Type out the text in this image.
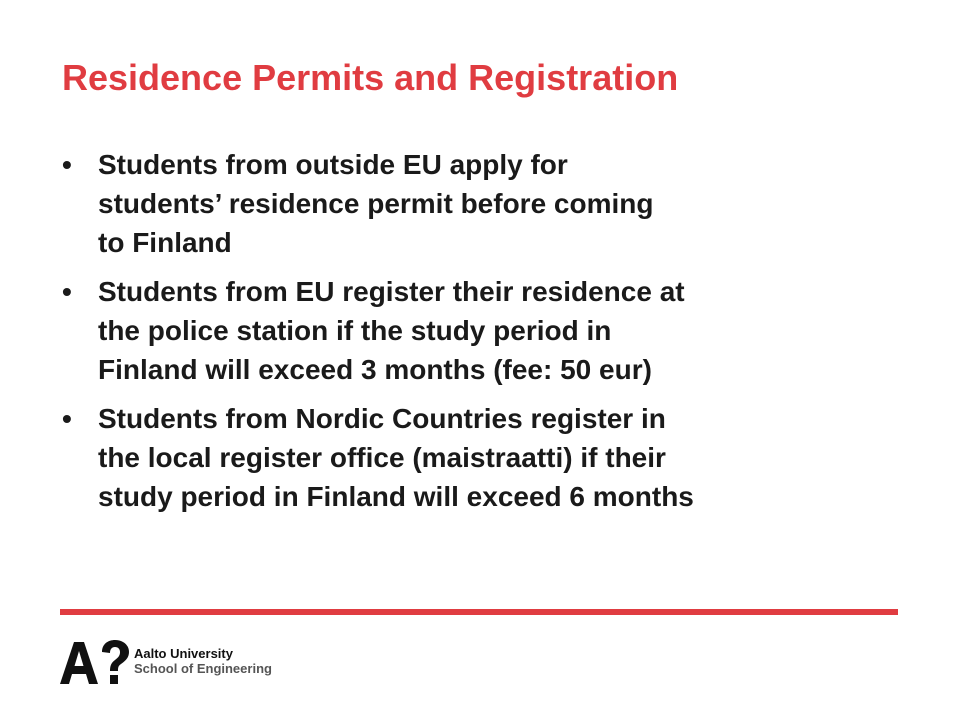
Residence Permits and Registration
• Students from outside EU apply for
students’ residence permit before coming
to Finland
• Students from EU register their residence at
the police station if the study period in
Finland will exceed 3 months (fee: 50 eur)
• Students from Nordic Countries register in
the local register office (maistraatti) if their
study period in Finland will exceed 6 months
Aalto University
School of Engineering
